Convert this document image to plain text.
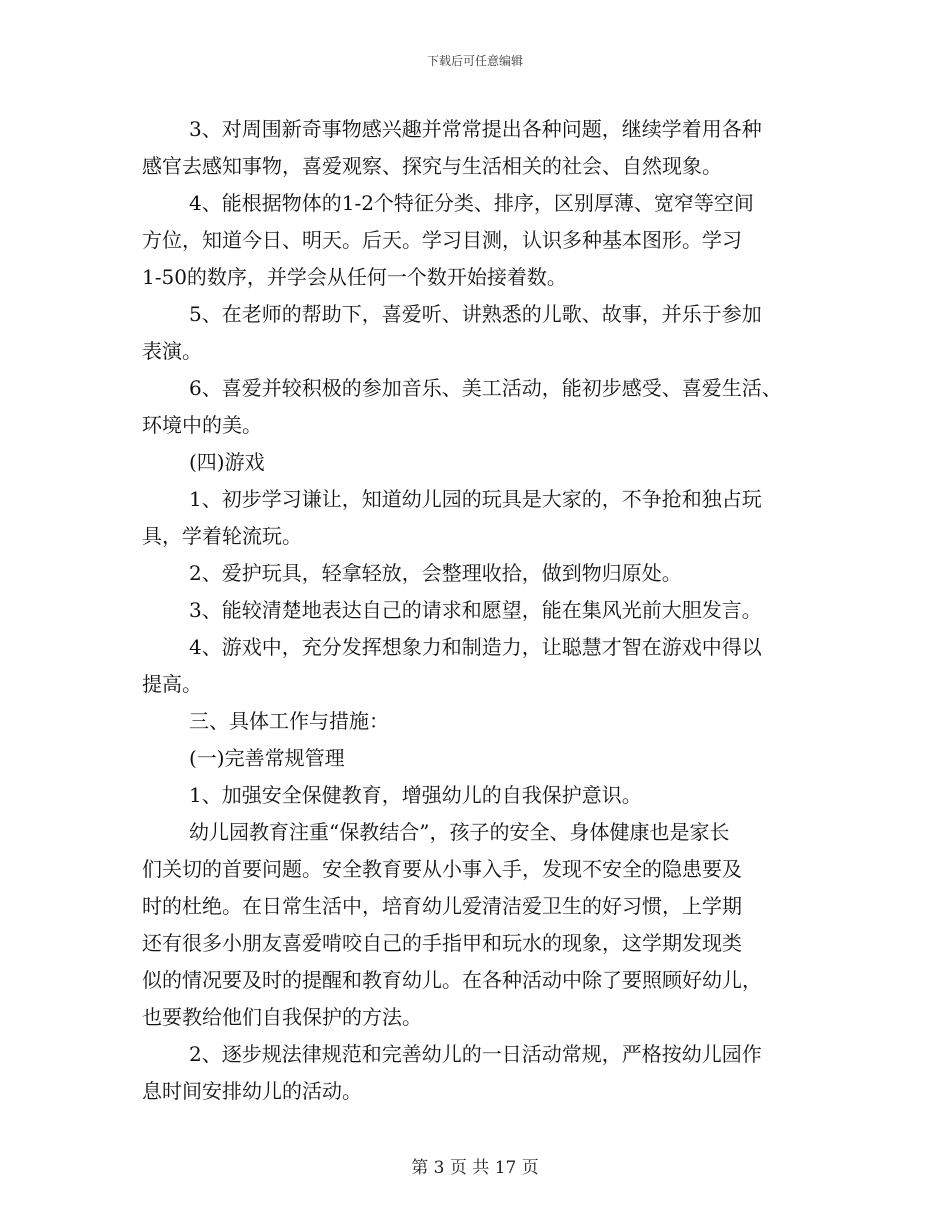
下载后可任意编辑
3、对周围新奇事物感兴趣并常常提出各种问题，继续学着用各种
感官去感知事物，喜爱观察、探究与生活相关的社会、自然现象。
4、能根据物体的1-2个特征分类、排序，区别厚薄、宽窄等空间
方位，知道今日、明天。后天。学习目测，认识多种基本图形。学习
1-50的数序，并学会从任何一个数开始接着数。
5、在老师的帮助下，喜爱听、讲熟悉的儿歌、故事，并乐于参加
表演。
6、喜爱并较积极的参加音乐、美工活动，能初步感受、喜爱生活、
环境中的美。
(四)游戏
1、初步学习谦让，知道幼儿园的玩具是大家的，不争抢和独占玩
具，学着轮流玩。
2、爱护玩具，轻拿轻放，会整理收拾，做到物归原处。
3、能较清楚地表达自己的请求和愿望，能在集风光前大胆发言。
4、游戏中，充分发挥想象力和制造力，让聪慧才智在游戏中得以
提高。
三、具体工作与措施：
(一)完善常规管理
1、加强安全保健教育，增强幼儿的自我保护意识。
幼儿园教育注重“保教结合”，孩子的安全、身体健康也是家长
们关切的首要问题。安全教育要从小事入手，发现不安全的隐患要及
时的杜绝。在日常生活中，培育幼儿爱清洁爱卫生的好习惯，上学期
还有很多小朋友喜爱啃咬自己的手指甲和玩水的现象，这学期发现类
似的情况要及时的提醒和教育幼儿。在各种活动中除了要照顾好幼儿，
也要教给他们自我保护的方法。
2、逐步规法律规范和完善幼儿的一日活动常规，严格按幼儿园作
息时间安排幼儿的活动。
第 3 页 共 17 页
